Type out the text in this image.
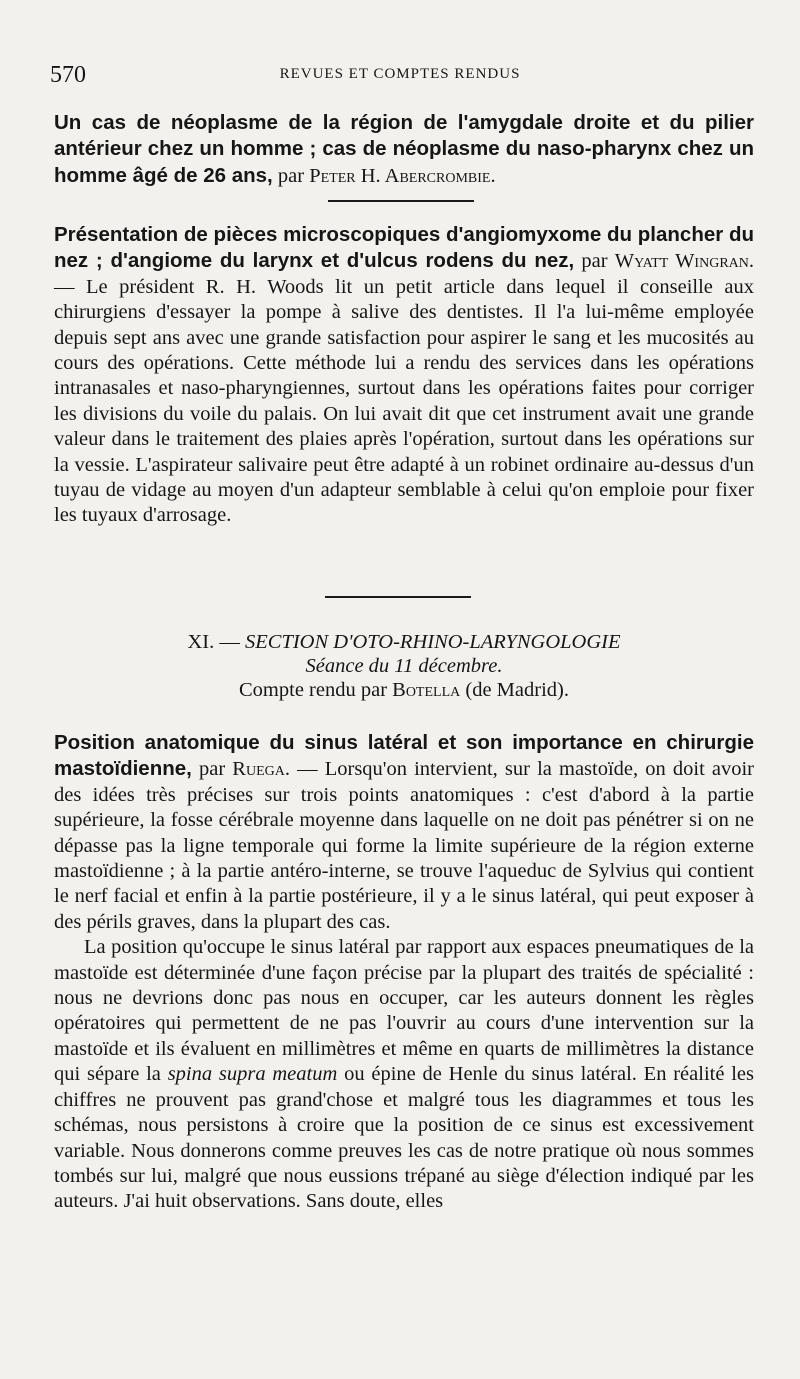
570	REVUES ET COMPTES RENDUS
Un cas de néoplasme de la région de l'amygdale droite et du pilier antérieur chez un homme ; cas de néoplasme du naso-pharynx chez un homme âgé de 26 ans, par Peter H. Abercrombie.
Présentation de pièces microscopiques d'angiomyxome du plancher du nez ; d'angiome du larynx et d'ulcus rodens du nez, par Wyatt Wingran. — Le président R. H. Woods lit un petit article dans lequel il conseille aux chirurgiens d'essayer la pompe à salive des dentistes. Il l'a lui-même employée depuis sept ans avec une grande satisfaction pour aspirer le sang et les mucosités au cours des opérations. Cette méthode lui a rendu des services dans les opérations intranasales et naso-pharyngiennes, surtout dans les opérations faites pour corriger les divisions du voile du palais. On lui avait dit que cet instrument avait une grande valeur dans le traitement des plaies après l'opération, surtout dans les opérations sur la vessie. L'aspirateur salivaire peut être adapté à un robinet ordinaire au-dessus d'un tuyau de vidage au moyen d'un adapteur semblable à celui qu'on emploie pour fixer les tuyaux d'arrosage.
XI. — SECTION D'OTO-RHINO-LARYNGOLOGIE
Séance du 11 décembre.
Compte rendu par Botella (de Madrid).

Position anatomique du sinus latéral et son importance en chirurgie mastoïdienne, par Ruega. — Lorsqu'on intervient, sur la mastoïde, on doit avoir des idées très précises sur trois points anatomiques : c'est d'abord à la partie supérieure, la fosse cérébrale moyenne dans laquelle on ne doit pas pénétrer si on ne dépasse pas la ligne temporale qui forme la limite supérieure de la région externe mastoïdienne ; à la partie antéro-interne, se trouve l'aqueduc de Sylvius qui contient le nerf facial et enfin à la partie postérieure, il y a le sinus latéral, qui peut exposer à des périls graves, dans la plupart des cas.

La position qu'occupe le sinus latéral par rapport aux espaces pneumatiques de la mastoïde est déterminée d'une façon précise par la plupart des traités de spécialité : nous ne devrions donc pas nous en occuper, car les auteurs donnent les règles opératoires qui permettent de ne pas l'ouvrir au cours d'une intervention sur la mastoïde et ils évaluent en millimètres et même en quarts de millimètres la distance qui sépare la spina supra meatum ou épine de Henle du sinus latéral. En réalité les chiffres ne prouvent pas grand'chose et malgré tous les diagrammes et tous les schémas, nous persistons à croire que la position de ce sinus est excessivement variable. Nous donnerons comme preuves les cas de notre pratique où nous sommes tombés sur lui, malgré que nous eussions trépané au siège d'élection indiqué par les auteurs. J'ai huit observations. Sans doute, elles
